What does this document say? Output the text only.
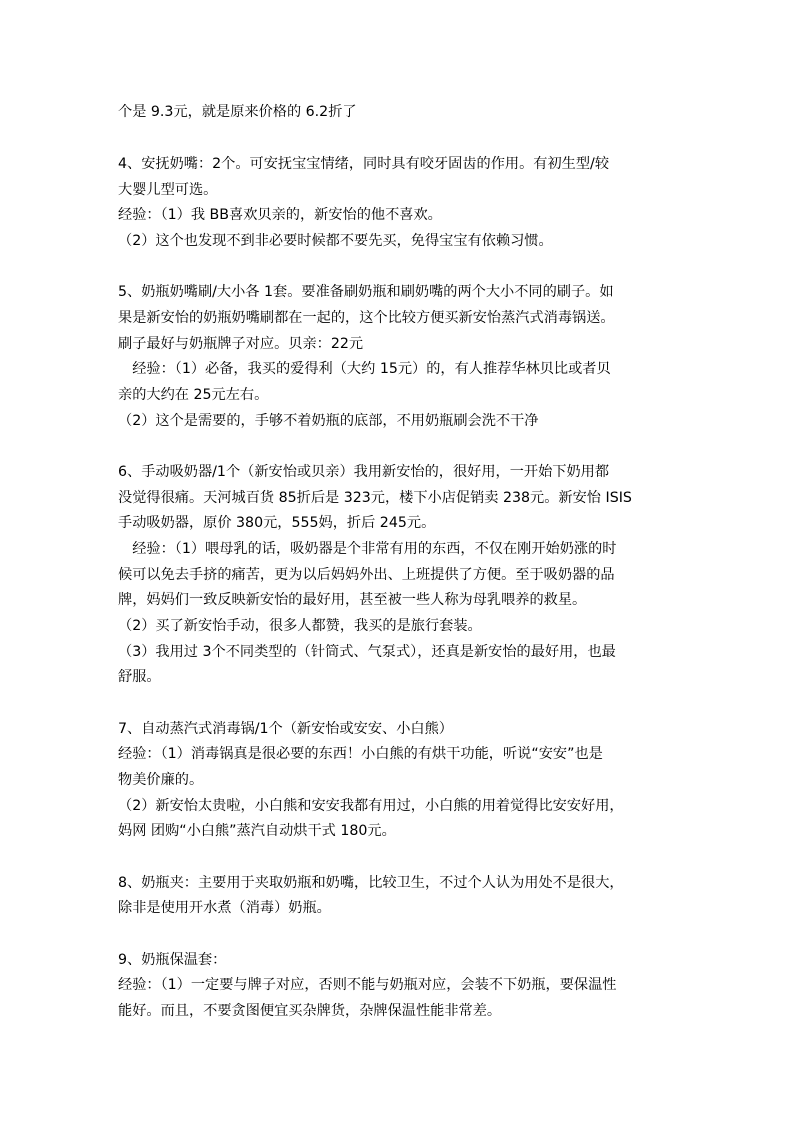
个是 9.3元，就是原来价格的 6.2折了
4、安抚奶嘴：2个。可安抚宝宝情绪，同时具有咬牙固齿的作用。有初生型/较
大婴儿型可选。
经验：（1）我 BB喜欢贝亲的，新安怡的他不喜欢。
（2）这个也发现不到非必要时候都不要先买，免得宝宝有依赖习惯。
5、奶瓶奶嘴刷/大小各 1套。要准备刷奶瓶和刷奶嘴的两个大小不同的刷子。如
果是新安怡的奶瓶奶嘴刷都在一起的，这个比较方便买新安怡蒸汽式消毒锅送。
刷子最好与奶瓶牌子对应。贝亲：22元
　经验：（1）必备，我买的爱得利（大约 15元）的，有人推荐华林贝比或者贝
亲的大约在 25元左右。
（2）这个是需要的，手够不着奶瓶的底部，不用奶瓶刷会洗不干净
6、手动吸奶器/1个（新安怡或贝亲）我用新安怡的，很好用，一开始下奶用都
没觉得很痛。天河城百货 85折后是 323元，楼下小店促销卖 238元。新安怡 ISIS
手动吸奶器，原价 380元，555妈，折后 245元。
　经验：（1）喂母乳的话，吸奶器是个非常有用的东西，不仅在刚开始奶涨的时
候可以免去手挤的痛苦，更为以后妈妈外出、上班提供了方便。至于吸奶器的品
牌，妈妈们一致反映新安怡的最好用，甚至被一些人称为母乳喂养的救星。
（2）买了新安怡手动，很多人都赞，我买的是旅行套装。
（3）我用过 3个不同类型的（针筒式、气泵式），还真是新安怡的最好用，也最
舒服。
7、自动蒸汽式消毒锅/1个（新安怡或安安、小白熊）
经验：（1）消毒锅真是很必要的东西！小白熊的有烘干功能，听说“安安”也是
物美价廉的。
（2）新安怡太贵啦，小白熊和安安我都有用过，小白熊的用着觉得比安安好用，
妈网 团购“小白熊”蒸汽自动烘干式 180元。
8、奶瓶夹：主要用于夹取奶瓶和奶嘴，比较卫生，不过个人认为用处不是很大，
除非是使用开水煮（消毒）奶瓶。
9、奶瓶保温套：
经验：（1）一定要与牌子对应，否则不能与奶瓶对应，会装不下奶瓶，要保温性
能好。而且，不要贪图便宜买杂牌货，杂牌保温性能非常差。
